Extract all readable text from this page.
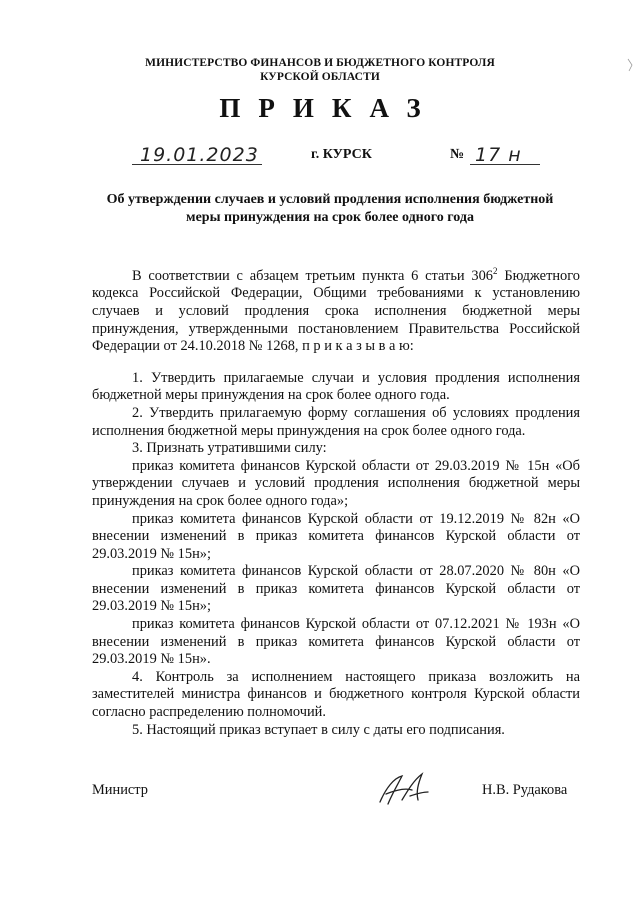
МИНИСТЕРСТВО ФИНАНСОВ И БЮДЖЕТНОГО КОНТРОЛЯ
КУРСКОЙ ОБЛАСТИ
ПРИКАЗ
19.01.2023	г. КУРСК	№ 17 н
Об утверждении случаев и условий продления исполнения бюджетной
меры принуждения на срок более одного года

В соответствии с абзацем третьим пункта 6 статьи $306^2$ Бюджетного кодекса Российской Федерации, Общими требованиями к установлению случаев и условий продления срока исполнения бюджетной меры принуждения, утвержденными постановлением Правительства Российской Федерации от 24.10.2018 № 1268, п р и к а з ы в а ю:

1. Утвердить прилагаемые случаи и условия продления исполнения бюджетной меры принуждения на срок более одного года.

2. Утвердить прилагаемую форму соглашения об условиях продления исполнения бюджетной меры принуждения на срок более одного года.

3. Признать утратившими силу:

приказ комитета финансов Курской области от 29.03.2019 № 15н «Об утверждении случаев и условий продления исполнения бюджетной меры принуждения на срок более одного года»;

приказ комитета финансов Курской области от 19.12.2019 № 82н «О внесении изменений в приказ комитета финансов Курской области от 29.03.2019 № 15н»;

приказ комитета финансов Курской области от 28.07.2020 № 80н «О внесении изменений в приказ комитета финансов Курской области от 29.03.2019 № 15н»;

приказ комитета финансов Курской области от 07.12.2021 № 193н «О внесении изменений в приказ комитета финансов Курской области от 29.03.2019 № 15н».

4. Контроль за исполнением настоящего приказа возложить на заместителей министра финансов и бюджетного контроля Курской области согласно распределению полномочий.

5. Настоящий приказ вступает в силу с даты его подписания.

Министр	Н.В. Рудакова
